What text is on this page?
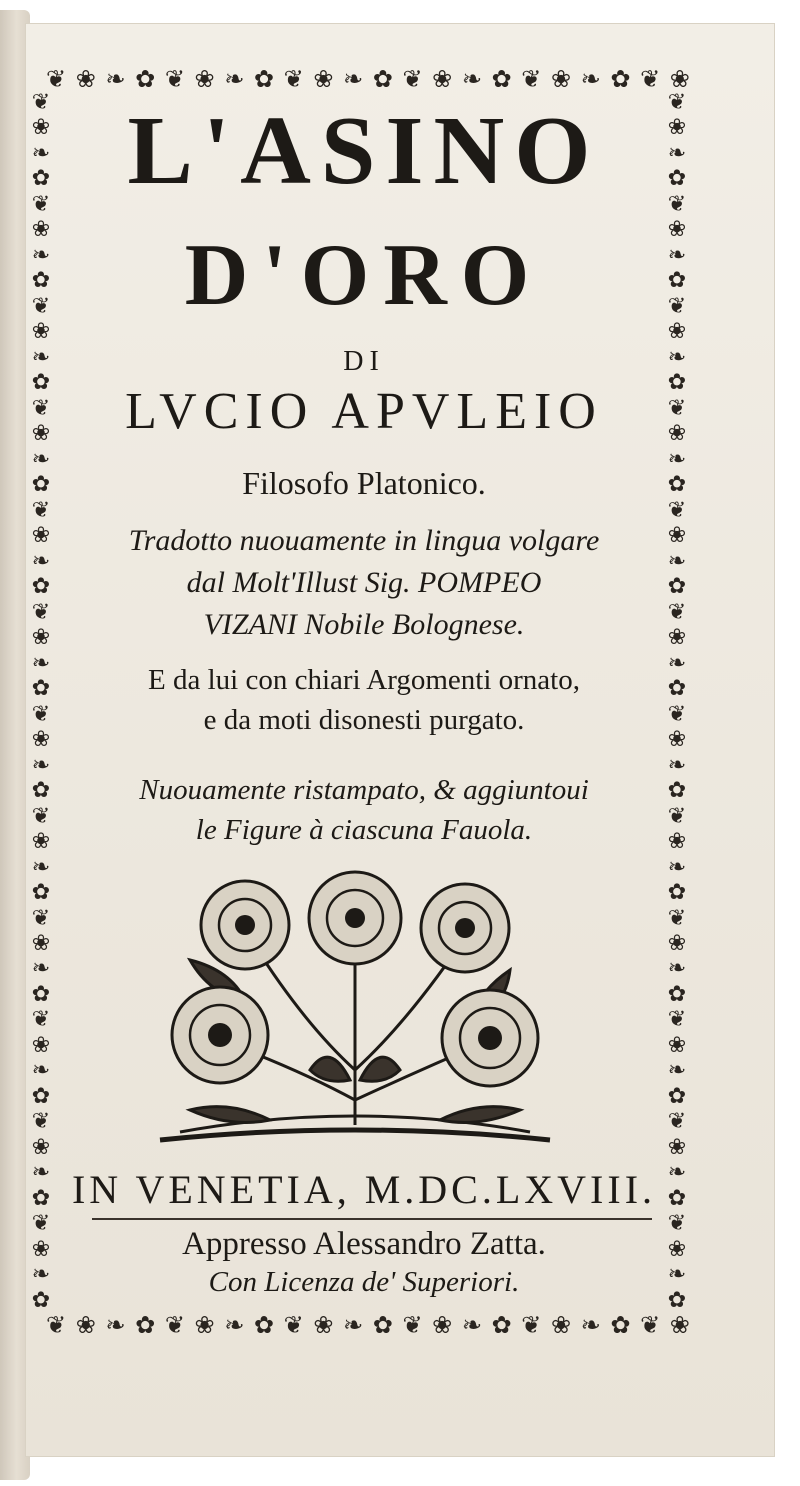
❦ ❀ ❧ ✿ ❦ ❀ ❧ ✿ ❦ ❀ ❧ ✿ ❦ ❀ ❧ ✿ ❦ ❀ ❧ ✿ ❦ ❀
❦ ❀ ❧ ✿ ❦ ❀ ❧ ✿ ❦ ❀ ❧ ✿ ❦ ❀ ❧ ✿ ❦ ❀ ❧ ✿ ❦ ❀
❦
❀
❧
✿
❦
❀
❧
✿
❦
❀
❧
✿
❦
❀
❧
✿
❦
❀
❧
✿
❦
❀
❧
✿
❦
❀
❧
✿
❦
❀
❧
✿
❦
❀
❧
✿
❦
❀
❧
✿
❦
❀
❧
✿
❦
❀
❧
✿
❦
❀
❧
✿
❦
❀
❧
✿
❦
❀
❧
✿
❦
❀
❧
✿
❦
❀
❧
✿
❦
❀
❧
✿
❦
❀
❧
✿
❦
❀
❧
✿
❦
❀
❧
✿
❦
❀
❧
✿
❦
❀
❧
✿
❦
❀
❧
✿
L'ASINO
D'ORO
DI
LVCIO APVLEIO
Filosofo Platonico.
Tradotto nuouamente in lingua volgare
dal Molt'Illust Sig. POMPEO
VIZANI Nobile Bolognese.
E da lui con chiari Argomenti ornato,
e da moti disonesti purgato.
Nuouamente ristampato, & aggiuntoui
le Figure à ciascuna Fauola.
IN VENETIA, M.DC.LXVIII.
Appresso Alessandro Zatta.
Con Licenza de' Superiori.
